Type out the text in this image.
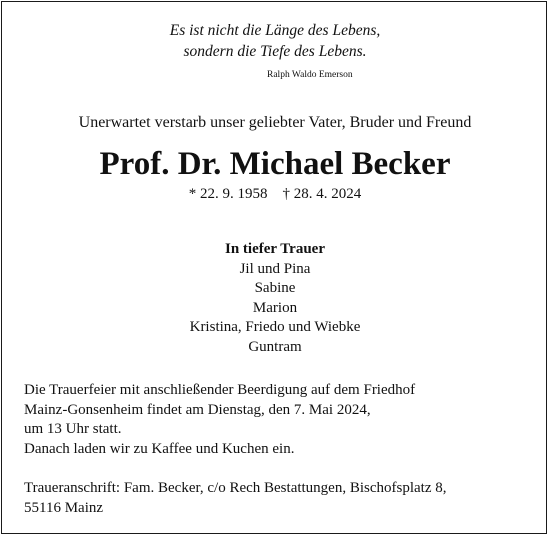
Es ist nicht die Länge des Lebens,
sondern die Tiefe des Lebens.
Ralph Waldo Emerson
Unerwartet verstarb unser geliebter Vater, Bruder und Freund
Prof. Dr. Michael Becker
* 22. 9. 1958    † 28. 4. 2024
In tiefer Trauer
Jil und Pina
Sabine
Marion
Kristina, Friedo und Wiebke
Guntram
Die Trauerfeier mit anschließender Beerdigung auf dem Friedhof
Mainz-Gonsenheim findet am Dienstag, den 7. Mai 2024,
um 13 Uhr statt.
Danach laden wir zu Kaffee und Kuchen ein.
Traueranschrift: Fam. Becker, c/o Rech Bestattungen, Bischofsplatz 8,
55116 Mainz
